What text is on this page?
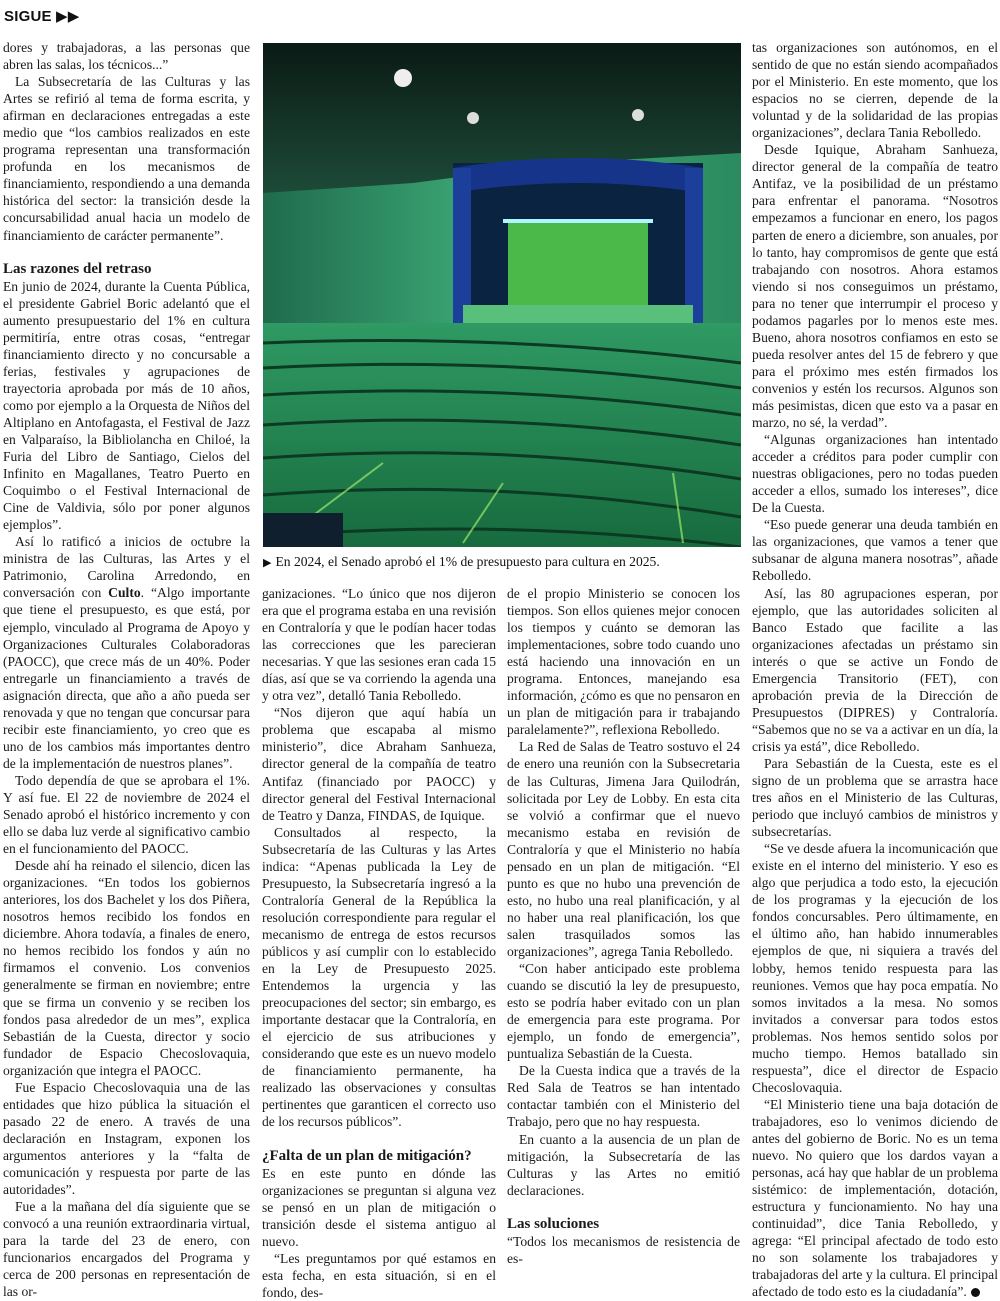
SIGUE ▶▶

dores y trabajadoras, a las personas que abren las salas, los técnicos...”

La Subsecretaría de las Culturas y las Artes se refirió al tema de forma escrita, y afirman en declaraciones entregadas a este medio que “los cambios realizados en este programa representan una transformación profunda en los mecanismos de financiamiento, respondiendo a una demanda histórica del sector: la transición desde la concursabilidad anual hacia un modelo de financiamiento de carácter permanente”.

Las razones del retraso

En junio de 2024, durante la Cuenta Pública, el presidente Gabriel Boric adelantó que el aumento presupuestario del 1% en cultura permitiría, entre otras cosas, “entregar financiamiento directo y no concursable a ferias, festivales y agrupaciones de trayectoria aprobada por más de 10 años, como por ejemplo a la Orquesta de Niños del Altiplano en Antofagasta, el Festival de Jazz en Valparaíso, la Bibliolancha en Chiloé, la Furia del Libro de Santiago, Cielos del Infinito en Magallanes, Teatro Puerto en Coquimbo o el Festival Internacional de Cine de Valdivia, sólo por poner algunos ejemplos”.

Así lo ratificó a inicios de octubre la ministra de las Culturas, las Artes y el Patrimonio, Carolina Arredondo, en conversación con Culto. “Algo importante que tiene el presupuesto, es que está, por ejemplo, vinculado al Programa de Apoyo y Organizaciones Culturales Colaboradoras (PAOCC), que crece más de un 40%. Poder entregarle un financiamiento a través de asignación directa, que año a año pueda ser renovada y que no tengan que concursar para recibir este financiamiento, yo creo que es uno de los cambios más importantes dentro de la implementación de nuestros planes”.

Todo dependía de que se aprobara el 1%. Y así fue. El 22 de noviembre de 2024 el Senado aprobó el histórico incremento y con ello se daba luz verde al significativo cambio en el funcionamiento del PAOCC.

Desde ahí ha reinado el silencio, dicen las organizaciones. “En todos los gobiernos anteriores, los dos Bachelet y los dos Piñera, nosotros hemos recibido los fondos en diciembre. Ahora todavía, a finales de enero, no hemos recibido los fondos y aún no firmamos el convenio. Los convenios generalmente se firman en noviembre; entre que se firma un convenio y se reciben los fondos pasa alrededor de un mes”, explica Sebastián de la Cuesta, director y socio fundador de Espacio Checoslovaquia, organización que integra el PAOCC.

Fue Espacio Checoslovaquia una de las entidades que hizo pública la situación el pasado 22 de enero. A través de una declaración en Instagram, exponen los argumentos anteriores y la “falta de comunicación y respuesta por parte de las autoridades”.

Fue a la mañana del día siguiente que se convocó a una reunión extraordinaria virtual, para la tarde del 23 de enero, con funcionarios encargados del Programa y cerca de 200 personas en representación de las or-

▶ En 2024, el Senado aprobó el 1% de presupuesto para cultura en 2025.

ganizaciones. “Lo único que nos dijeron era que el programa estaba en una revisión en Contraloría y que le podían hacer todas las correcciones que les parecieran necesarias. Y que las sesiones eran cada 15 días, así que se va corriendo la agenda una y otra vez”, detalló Tania Rebolledo.

“Nos dijeron que aquí había un problema que escapaba al mismo ministerio”, dice Abraham Sanhueza, director general de la compañía de teatro Antifaz (financiado por PAOCC) y director general del Festival Internacional de Teatro y Danza, FINDAS, de Iquique.

Consultados al respecto, la Subsecretaría de las Culturas y las Artes indica: “Apenas publicada la Ley de Presupuesto, la Subsecretaría ingresó a la Contraloría General de la República la resolución correspondiente para regular el mecanismo de entrega de estos recursos públicos y así cumplir con lo establecido en la Ley de Presupuesto 2025. Entendemos la urgencia y las preocupaciones del sector; sin embargo, es importante destacar que la Contraloría, en el ejercicio de sus atribuciones y considerando que este es un nuevo modelo de financiamiento permanente, ha realizado las observaciones y consultas pertinentes que garanticen el correcto uso de los recursos públicos”.

¿Falta de un plan de mitigación?

Es en este punto en dónde las organizaciones se preguntan si alguna vez se pensó en un plan de mitigación o transición desde el sistema antiguo al nuevo.

“Les preguntamos por qué estamos en esta fecha, en esta situación, si en el fondo, des-

de el propio Ministerio se conocen los tiempos. Son ellos quienes mejor conocen los tiempos y cuánto se demoran las implementaciones, sobre todo cuando uno está haciendo una innovación en un programa. Entonces, manejando esa información, ¿cómo es que no pensaron en un plan de mitigación para ir trabajando paralelamente?”, reflexiona Rebolledo.

La Red de Salas de Teatro sostuvo el 24 de enero una reunión con la Subsecretaria de las Culturas, Jimena Jara Quilodrán, solicitada por Ley de Lobby. En esta cita se volvió a confirmar que el nuevo mecanismo estaba en revisión de Contraloría y que el Ministerio no había pensado en un plan de mitigación. “El punto es que no hubo una prevención de esto, no hubo una real planificación, y al no haber una real planificación, los que salen trasquilados somos las organizaciones”, agrega Tania Rebolledo.

“Con haber anticipado este problema cuando se discutió la ley de presupuesto, esto se podría haber evitado con un plan de emergencia para este programa. Por ejemplo, un fondo de emergencia”, puntualiza Sebastián de la Cuesta.

De la Cuesta indica que a través de la Red Sala de Teatros se han intentado contactar también con el Ministerio del Trabajo, pero que no hay respuesta.

En cuanto a la ausencia de un plan de mitigación, la Subsecretaría de las Culturas y las Artes no emitió declaraciones.

Las soluciones

“Todos los mecanismos de resistencia de es-

tas organizaciones son autónomos, en el sentido de que no están siendo acompañados por el Ministerio. En este momento, que los espacios no se cierren, depende de la voluntad y de la solidaridad de las propias organizaciones”, declara Tania Rebolledo.

Desde Iquique, Abraham Sanhueza, director general de la compañía de teatro Antifaz, ve la posibilidad de un préstamo para enfrentar el panorama. “Nosotros empezamos a funcionar en enero, los pagos parten de enero a diciembre, son anuales, por lo tanto, hay compromisos de gente que está trabajando con nosotros. Ahora estamos viendo si nos conseguimos un préstamo, para no tener que interrumpir el proceso y podamos pagarles por lo menos este mes. Bueno, ahora nosotros confiamos en esto se pueda resolver antes del 15 de febrero y que para el próximo mes estén firmados los convenios y estén los recursos. Algunos son más pesimistas, dicen que esto va a pasar en marzo, no sé, la verdad”.

“Algunas organizaciones han intentado acceder a créditos para poder cumplir con nuestras obligaciones, pero no todas pueden acceder a ellos, sumado los intereses”, dice De la Cuesta.

“Eso puede generar una deuda también en las organizaciones, que vamos a tener que subsanar de alguna manera nosotras”, añade Rebolledo.

Así, las 80 agrupaciones esperan, por ejemplo, que las autoridades soliciten al Banco Estado que facilite a las organizaciones afectadas un préstamo sin interés o que se active un Fondo de Emergencia Transitorio (FET), con aprobación previa de la Dirección de Presupuestos (DIPRES) y Contraloría. “Sabemos que no se va a activar en un día, la crisis ya está”, dice Rebolledo.

Para Sebastián de la Cuesta, este es el signo de un problema que se arrastra hace tres años en el Ministerio de las Culturas, periodo que incluyó cambios de ministros y subsecretarías.

“Se ve desde afuera la incomunicación que existe en el interno del ministerio. Y eso es algo que perjudica a todo esto, la ejecución de los programas y la ejecución de los fondos concursables. Pero últimamente, en el último año, han habido innumerables ejemplos de que, ni siquiera a través del lobby, hemos tenido respuesta para las reuniones. Vemos que hay poca empatía. No somos invitados a la mesa. No somos invitados a conversar para todos estos problemas. Nos hemos sentido solos por mucho tiempo. Hemos batallado sin respuesta”, dice el director de Espacio Checoslovaquia.

“El Ministerio tiene una baja dotación de trabajadores, eso lo venimos diciendo de antes del gobierno de Boric. No es un tema nuevo. No quiero que los dardos vayan a personas, acá hay que hablar de un problema sistémico: de implementación, dotación, estructura y funcionamiento. No hay una continuidad”, dice Tania Rebolledo, y agrega: “El principal afectado de todo esto no son solamente los trabajadores y trabajadoras del arte y la cultura. El principal afectado de todo esto es la ciudadanía”.
